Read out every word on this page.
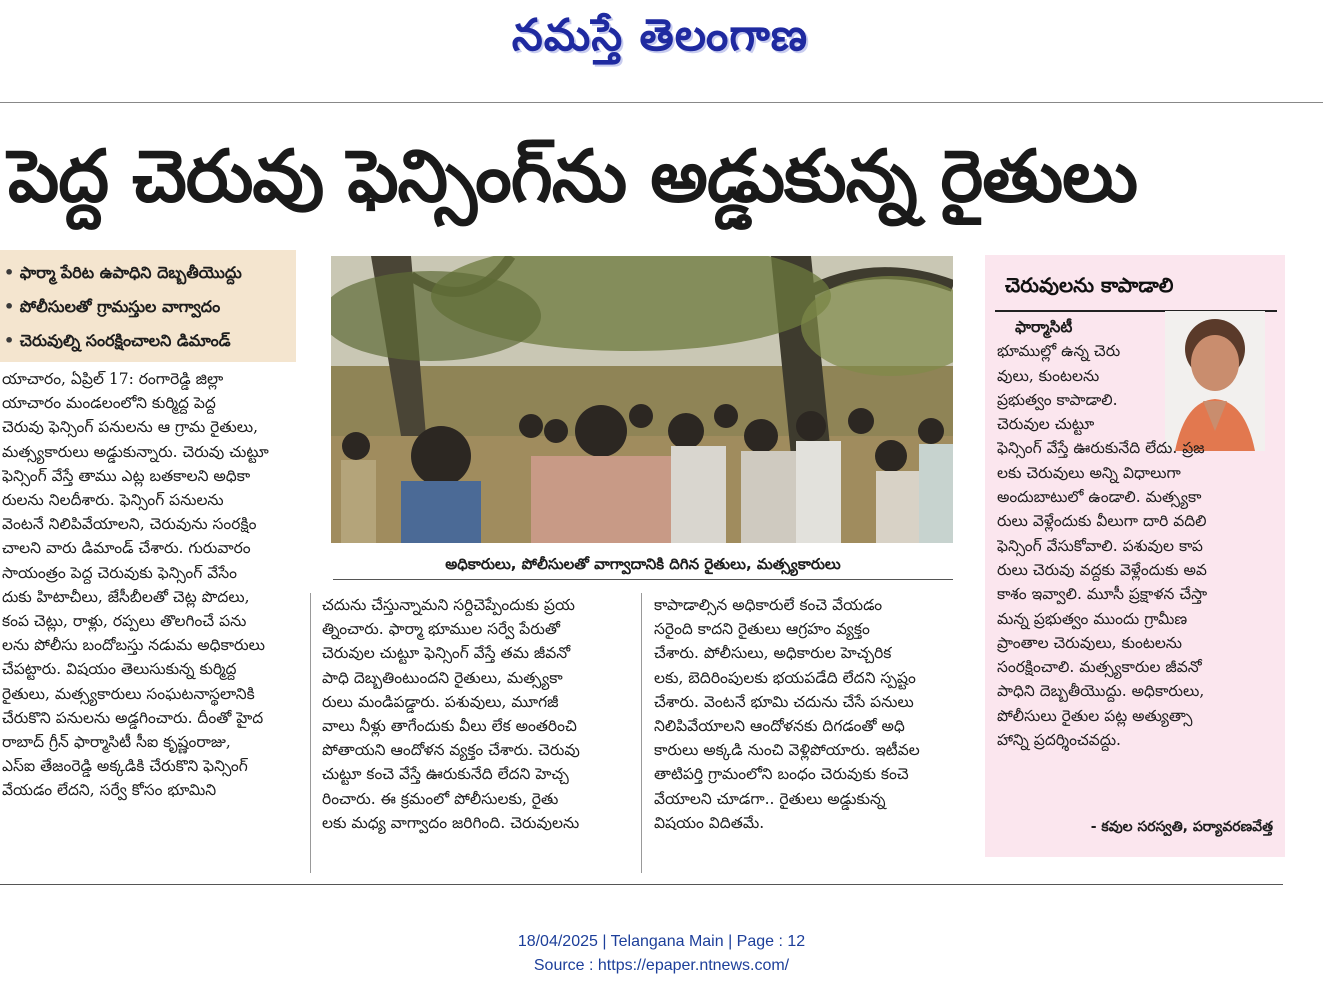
నమస్తే తెలంగాణ
పెద్ద చెరువు ఫెన్సింగ్‌ను అడ్డుకున్న రైతులు
• ఫార్మా పేరిట ఉపాధిని దెబ్బతీయొద్దు
• పోలీసులతో గ్రామస్తుల వాగ్వాదం
• చెరువుల్ని సంరక్షించాలని డిమాండ్

యాచారం, ఏప్రిల్ 17: రంగారెడ్డి జిల్లా

యాచారం మండలంలోని కుర్మిద్ద పెద్ద

చెరువు ఫెన్సింగ్ పనులను ఆ గ్రామ రైతులు,

మత్స్యకారులు అడ్డుకున్నారు. చెరువు చుట్టూ

ఫెన్సింగ్ వేస్తే తాము ఎట్ల బతకాలని అధికా

రులను నిలదీశారు. ఫెన్సింగ్ పనులను

వెంటనే నిలిపివేయాలని, చెరువును సంరక్షిం

చాలని వారు డిమాండ్ చేశారు. గురువారం

సాయంత్రం పెద్ద చెరువుకు ఫెన్సింగ్ వేసేం

దుకు హిటాచీలు, జేసీబీలతో చెట్ల పొదలు,

కంప చెట్లు, రాళ్లు, రప్పలు తొలగించే పను

లను పోలీసు బందోబస్తు నడుమ అధికారులు

చేపట్టారు. విషయం తెలుసుకున్న కుర్మిద్ద

రైతులు, మత్స్యకారులు సంఘటనాస్థలానికి

చేరుకొని పనులను అడ్డగించారు. దీంతో హైద

రాబాద్ గ్రీన్ ఫార్మాసిటీ సీఐ కృష్ణంరాజు,

ఎస్ఐ తేజంరెడ్డి అక్కడికి చేరుకొని ఫెన్సింగ్

వేయడం లేదని, సర్వే కోసం భూమిని

అధికారులు, పోలీసులతో వాగ్వాదానికి దిగిన రైతులు, మత్స్యకారులు

చదును చేస్తున్నామని సర్దిచెప్పేందుకు ప్రయ

త్నించారు. ఫార్మా భూముల సర్వే పేరుతో

చెరువుల చుట్టూ ఫెన్సింగ్ వేస్తే తమ జీవనో

పాధి దెబ్బతింటుందని రైతులు, మత్స్యకా

రులు మండిపడ్డారు. పశువులు, మూగజీ

వాలు నీళ్లు తాగేందుకు వీలు లేక అంతరించి

పోతాయని ఆందోళన వ్యక్తం చేశారు. చెరువు

చుట్టూ కంచె వేస్తే ఊరుకునేది లేదని హెచ్చ

రించారు. ఈ క్రమంలో పోలీసులకు, రైతు

లకు మధ్య వాగ్వాదం జరిగింది. చెరువులను

కాపాడాల్సిన అధికారులే కంచె వేయడం

సరైంది కాదని రైతులు ఆగ్రహం వ్యక్తం

చేశారు. పోలీసులు, అధికారుల హెచ్చరిక

లకు, బెదిరింపులకు భయపడేది లేదని స్పష్టం

చేశారు. వెంటనే భూమి చదును చేసే పనులు

నిలిపివేయాలని ఆందోళనకు దిగడంతో అధి

కారులు అక్కడి నుంచి వెళ్లిపోయారు. ఇటీవల

తాటిపర్తి గ్రామంలోని బంధం చెరువుకు కంచె

వేయాలని చూడగా.. రైతులు అడ్డుకున్న

విషయం విదితమే.

చెరువులను కాపాడాలి

ఫార్మాసిటీ

భూముల్లో ఉన్న చెరు

వులు, కుంటలను

ప్రభుత్వం కాపాడాలి.

చెరువుల చుట్టూ

ఫెన్సింగ్ వేస్తే ఊరుకునేది లేదు. ప్రజ

లకు చెరువులు అన్ని విధాలుగా

అందుబాటులో ఉండాలి. మత్స్యకా

రులు వెళ్లేందుకు వీలుగా దారి వదిలి

ఫెన్సింగ్ వేసుకోవాలి. పశువుల కాప

రులు చెరువు వద్దకు వెళ్లేందుకు అవ

కాశం ఇవ్వాలి. మూసీ ప్రక్షాళన చేస్తా

మన్న ప్రభుత్వం ముందు గ్రామీణ

ప్రాంతాల చెరువులు, కుంటలను

సంరక్షించాలి. మత్స్యకారుల జీవనో

పాధిని దెబ్బతీయొద్దు. అధికారులు,

పోలీసులు రైతుల పట్ల అత్యుత్సా

హాన్ని ప్రదర్శించవద్దు.

- కవుల సరస్వతి, పర్యావరణవేత్త
18/04/2025 | Telangana Main | Page : 12
Source : https://epaper.ntnews.com/
